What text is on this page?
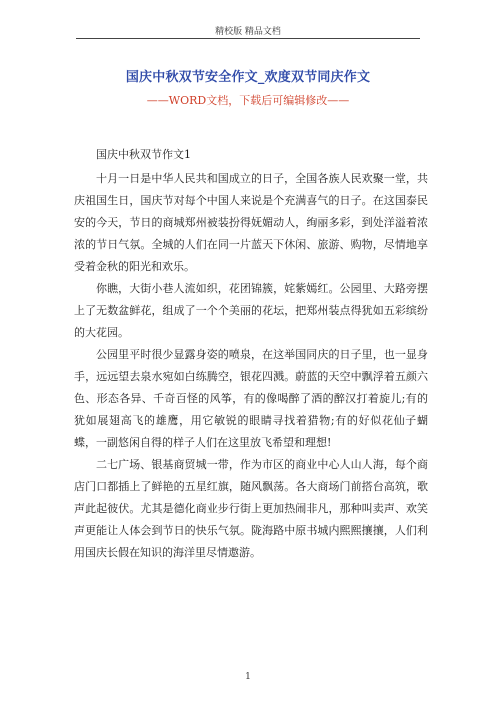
精校版 精品文档
国庆中秋双节安全作文_欢度双节同庆作文
——WORD文档，下载后可编辑修改——

国庆中秋双节作文1

十月一日是中华人民共和国成立的日子，全国各族人民欢聚一堂，共庆祖国生日，国庆节对每个中国人来说是个充满喜气的日子。在这国泰民安的今天，节日的商城郑州被装扮得妩媚动人，绚丽多彩，到处洋溢着浓浓的节日气氛。全城的人们在同一片蓝天下休闲、旅游、购物，尽情地享受着金秋的阳光和欢乐。

你瞧，大街小巷人流如织，花团锦簇，姹紫嫣红。公园里、大路旁摆上了无数盆鲜花，组成了一个个美丽的花坛，把郑州装点得犹如五彩缤纷的大花园。

公园里平时很少显露身姿的喷泉，在这举国同庆的日子里，也一显身手，远远望去泉水宛如白练腾空，银花四溅。蔚蓝的天空中飘浮着五颜六色、形态各异、千奇百怪的风筝，有的像喝醉了酒的醉汉打着旋儿;有的犹如展翅高飞的雄鹰，用它敏锐的眼睛寻找着猎物;有的好似花仙子蝴蝶，一副悠闲自得的样子人们在这里放飞希望和理想!

二七广场、银基商贸城一带，作为市区的商业中心人山人海，每个商店门口都插上了鲜艳的五星红旗，随风飘荡。各大商场门前搭台高筑，歌声此起彼伏。尤其是德化商业步行街上更加热闹非凡，那种叫卖声、欢笑声更能让人体会到节日的快乐气氛。陇海路中原书城内熙熙攘攘，人们利用国庆长假在知识的海洋里尽情遨游。

1
